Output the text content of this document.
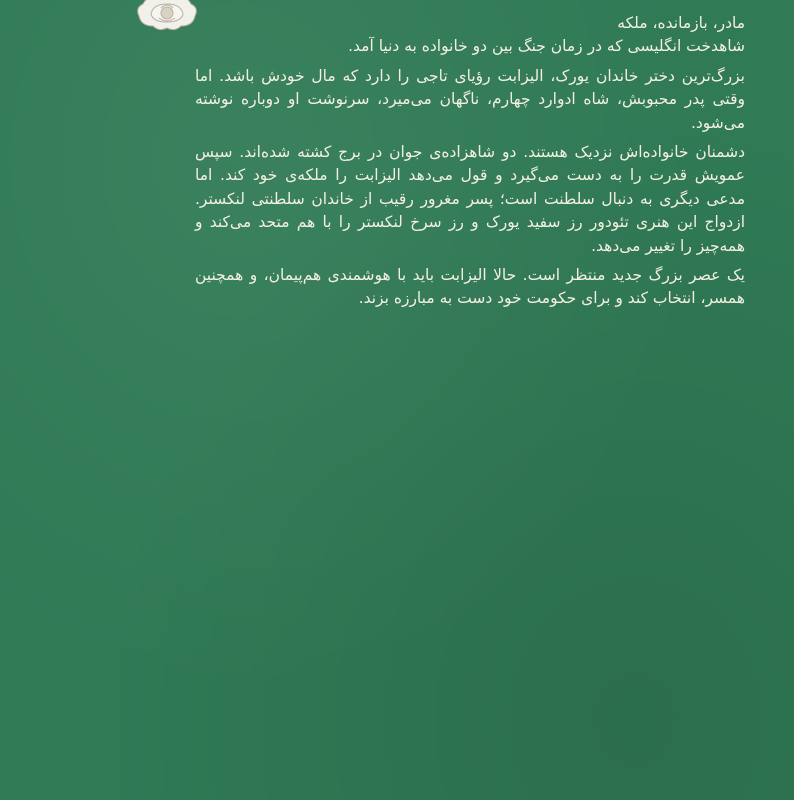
مادر، بازمانده، ملکه

شاهدخت انگلیسی که در زمان جنگ بین دو خانواده به دنیا آمد.

بزرگ‌ترین دختر خاندان یورک، الیزابت رؤیای تاجی را دارد که مال خودش باشد. اما وقتی پدر محبوبش، شاه ادوارد چهارم، ناگهان می‌میرد، سرنوشت او دوباره نوشته می‌شود.

دشمنان خانواده‌اش نزدیک هستند. دو شاهزاده‌ی جوان در برج کشته شده‌اند. سپس عمویش قدرت را به دست می‌گیرد و قول می‌دهد الیزابت را ملکه‌ی خود کند. اما مدعی دیگری به دنبال سلطنت است؛ پسر مغرور رقیب از خاندان سلطنتی لنکستر. ازدواج این هنری تئودور رز سفید یورک و رز سرخ لنکستر را با هم متحد می‌کند و همه‌چیز را تغییر می‌دهد.

یک عصر بزرگ جدید منتظر است. حالا الیزابت باید با هوشمندی هم‌پیمان، و همچنین همسر، انتخاب کند و برای حکومت خود دست به مبارزه بزند.
